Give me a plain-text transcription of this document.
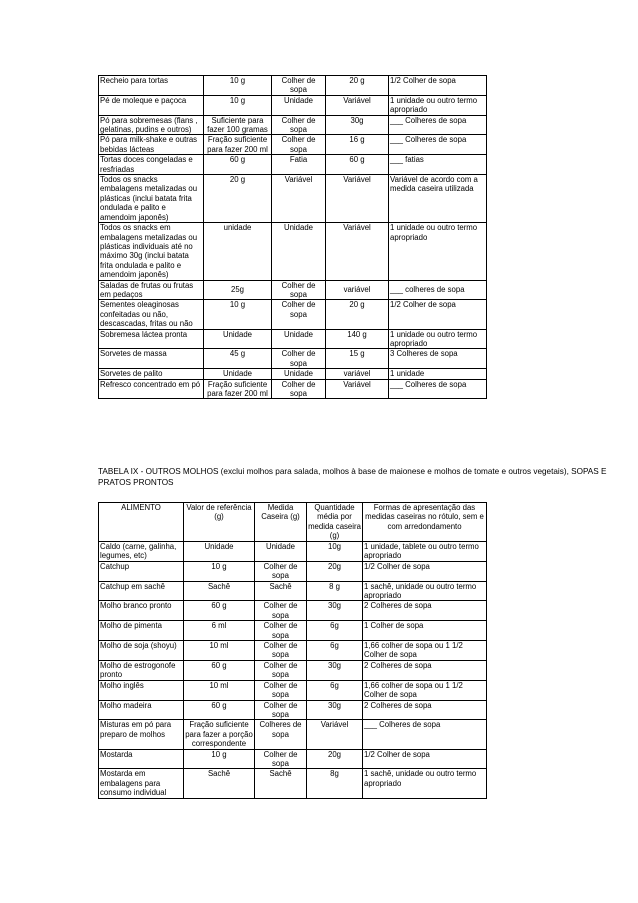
Recheio para tortas	10 g	Colher de sopa	20 g	1/2 Colher de sopa
Pé de moleque e paçoca	10 g	Unidade	Variável	1 unidade ou outro termo apropriado
Pó para sobremesas (flans , gelatinas, pudins e outros)	Suficiente para fazer 100 gramas	Colher de sopa	30g	___ Colheres de sopa
Pó para milk-shake e outras bebidas lácteas	Fração suficiente para fazer 200 ml	Colher de sopa	16 g	___ Colheres de sopa
Tortas doces congeladas e resfriadas	60 g	Fatia	60 g	___ fatias
Todos os snacks embalagens metalizadas ou plásticas (inclui batata frita ondulada e palito e amendoim japonês)	20 g	Variável	Variável	Variável de acordo com a medida caseira utilizada
Todos os snacks em embalagens metalizadas ou plásticas individuais até no máximo 30g (inclui batata frita ondulada e palito e amendoim japonês)	unidade	Unidade	Variável	1 unidade ou outro termo apropriado
Saladas de frutas ou frutas em pedaços	25g	Colher de sopa	variável	___ colheres de sopa
Sementes oleaginosas confeitadas ou não, descascadas, fritas ou não	10 g	Colher de sopa	20 g	1/2 Colher de sopa
Sobremesa láctea pronta	Unidade	Unidade	140 g	1 unidade ou outro termo apropriado
Sorvetes de massa	45 g	Colher de sopa	15 g	3 Colheres de sopa
Sorvetes de palito	Unidade	Unidade	variável	1 unidade
Refresco concentrado em pó	Fração suficiente para fazer 200 ml	Colher de sopa	Variável	___ Colheres de sopa
TABELA IX - OUTROS MOLHOS (exclui molhos para salada, molhos à base de maionese e molhos de tomate e outros vegetais), SOPAS E PRATOS PRONTOS
ALIMENTO	Valor de referência (g)	Medida Caseira (g)	Quantidade média por medida caseira (g)	Formas de apresentação das medidas caseiras no rótulo, sem e com arredondamento
Caldo (carne, galinha, legumes, etc)	Unidade	Unidade	10g	1 unidade, tablete ou outro termo apropriado
Catchup	10 g	Colher de sopa	20g	1/2 Colher de sopa
Catchup em sachê	Sachê	Sachê	8 g	1 sachê, unidade ou outro termo apropriado
Molho branco pronto	60 g	Colher de sopa	30g	2 Colheres de sopa
Molho de pimenta	6 ml	Colher de sopa	6g	1 Colher de sopa
Molho de soja (shoyu)	10 ml	Colher de sopa	6g	1,66 colher de sopa ou 1 1/2 Colher de sopa
Molho de estrogonofe pronto	60 g	Colher de sopa	30g	2 Colheres de sopa
Molho inglês	10 ml	Colher de sopa	6g	1,66 colher de sopa ou 1 1/2 Colher de sopa
Molho madeira	60 g	Colher de sopa	30g	2 Colheres de sopa
Misturas em pó para preparo de molhos	Fração suficiente para fazer a porção correspondente	Colheres de sopa	Variável	___ Colheres de sopa
Mostarda	10 g	Colher de sopa	20g	1/2 Colher de sopa
Mostarda em embalagens para consumo individual	Sachê	Sachê	8g	1 sachê, unidade ou outro termo apropriado
